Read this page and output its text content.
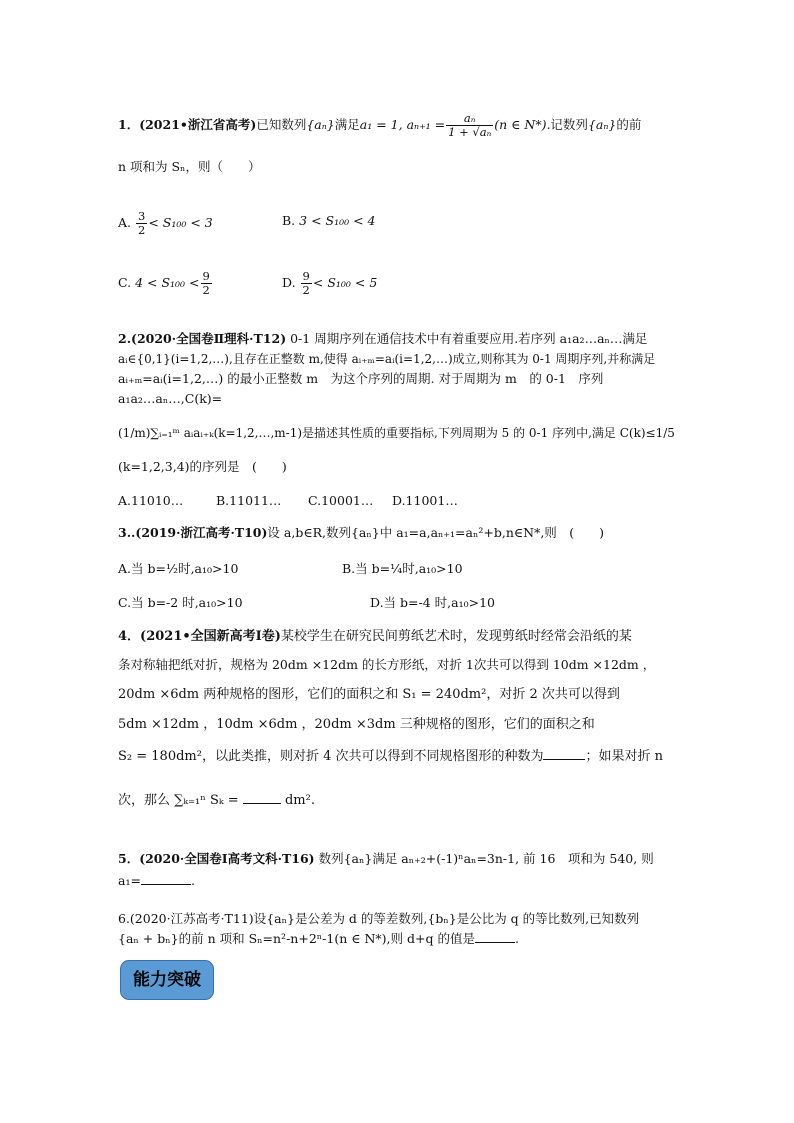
1．(2021•浙江省高考)已知数列{aₙ}满足a₁ = 1, $a_{n+1} = \frac{\text{aₙ}}{\text{1 + √aₙ}} (n$ ∈ N*).记数列{aₙ}的前
n 项和为 Sₙ，则（　　）
A. $\frac{3}{2} < S_{100} < 3$	B. 3 < S₁₀₀ < 4
C. $4 < S_{100} < \frac{9}{2}$	D. $\frac{9}{2} < S_{100} < 5$
2.(2020·全国卷Ⅱ理科·T12) 0-1 周期序列在通信技术中有着重要应用.若序列 a₁a₂…aₙ…满足
aᵢ∈{0,1}(i=1,2,…),且存在正整数 m,使得 aᵢ₊ₘ=aᵢ(i=1,2,…)成立,则称其为 0-1 周期序列,并称满足
aᵢ₊ₘ=aᵢ(i=1,2,…) 的最小正整数 m　为这个序列的周期. 对于周期为 m　的 0-1　序列
a₁a₂…aₙ…,C(k)=
(1/m)∑ᵢ₌₁ᵐ aᵢaᵢ₊ₖ(k=1,2,…,m-1)是描述其性质的重要指标,下列周期为 5 的 0-1 序列中,满足 C(k)≤1/5
(k=1,2,3,4)的序列是　(　　)
A.11010…	B.11011… C.10001… D.11001…
3..(2019·浙江高考·T10)设 a,b∈R,数列{aₙ}中 a₁=a,aₙ₊₁=aₙ²+b,n∈N*,则　(　　)
A.当 b=½时,a₁₀>10	B.当 b=¼时,a₁₀>10
C.当 b=-2 时,a₁₀>10	D.当 b=-4 时,a₁₀>10
4．(2021•全国新高考Ⅰ卷)某校学生在研究民间剪纸艺术时，发现剪纸时经常会沿纸的某
条对称轴把纸对折，规格为 20dm ×12dm 的长方形纸，对折 1次共可以得到 10dm ×12dm ，
20dm ×6dm 两种规格的图形，它们的面积之和 S₁ = 240dm²，对折 2 次共可以得到
5dm ×12dm ，10dm ×6dm ，20dm ×3dm 三种规格的图形，它们的面积之和
S₂ = 180dm²，以此类推，则对折 4 次共可以得到不同规格图形的种数为	；如果对折 n
次，那么 ∑ₖ₌₁ⁿ Sₖ =	dm².
5．(2020·全国卷Ⅰ高考文科·T16) 数列{aₙ}满足 aₙ₊₂+(-1)ⁿaₙ=3n-1, 前 16　项和为 540, 则
a₁=	.
6.(2020·江苏高考·T11)设{aₙ}是公差为 d 的等差数列,{bₙ}是公比为 q 的等比数列,已知数列
{aₙ + bₙ}的前 n 项和 Sₙ=n²-n+2ⁿ-1(n ∈ N*),则 d+q 的值是	.
能力突破
